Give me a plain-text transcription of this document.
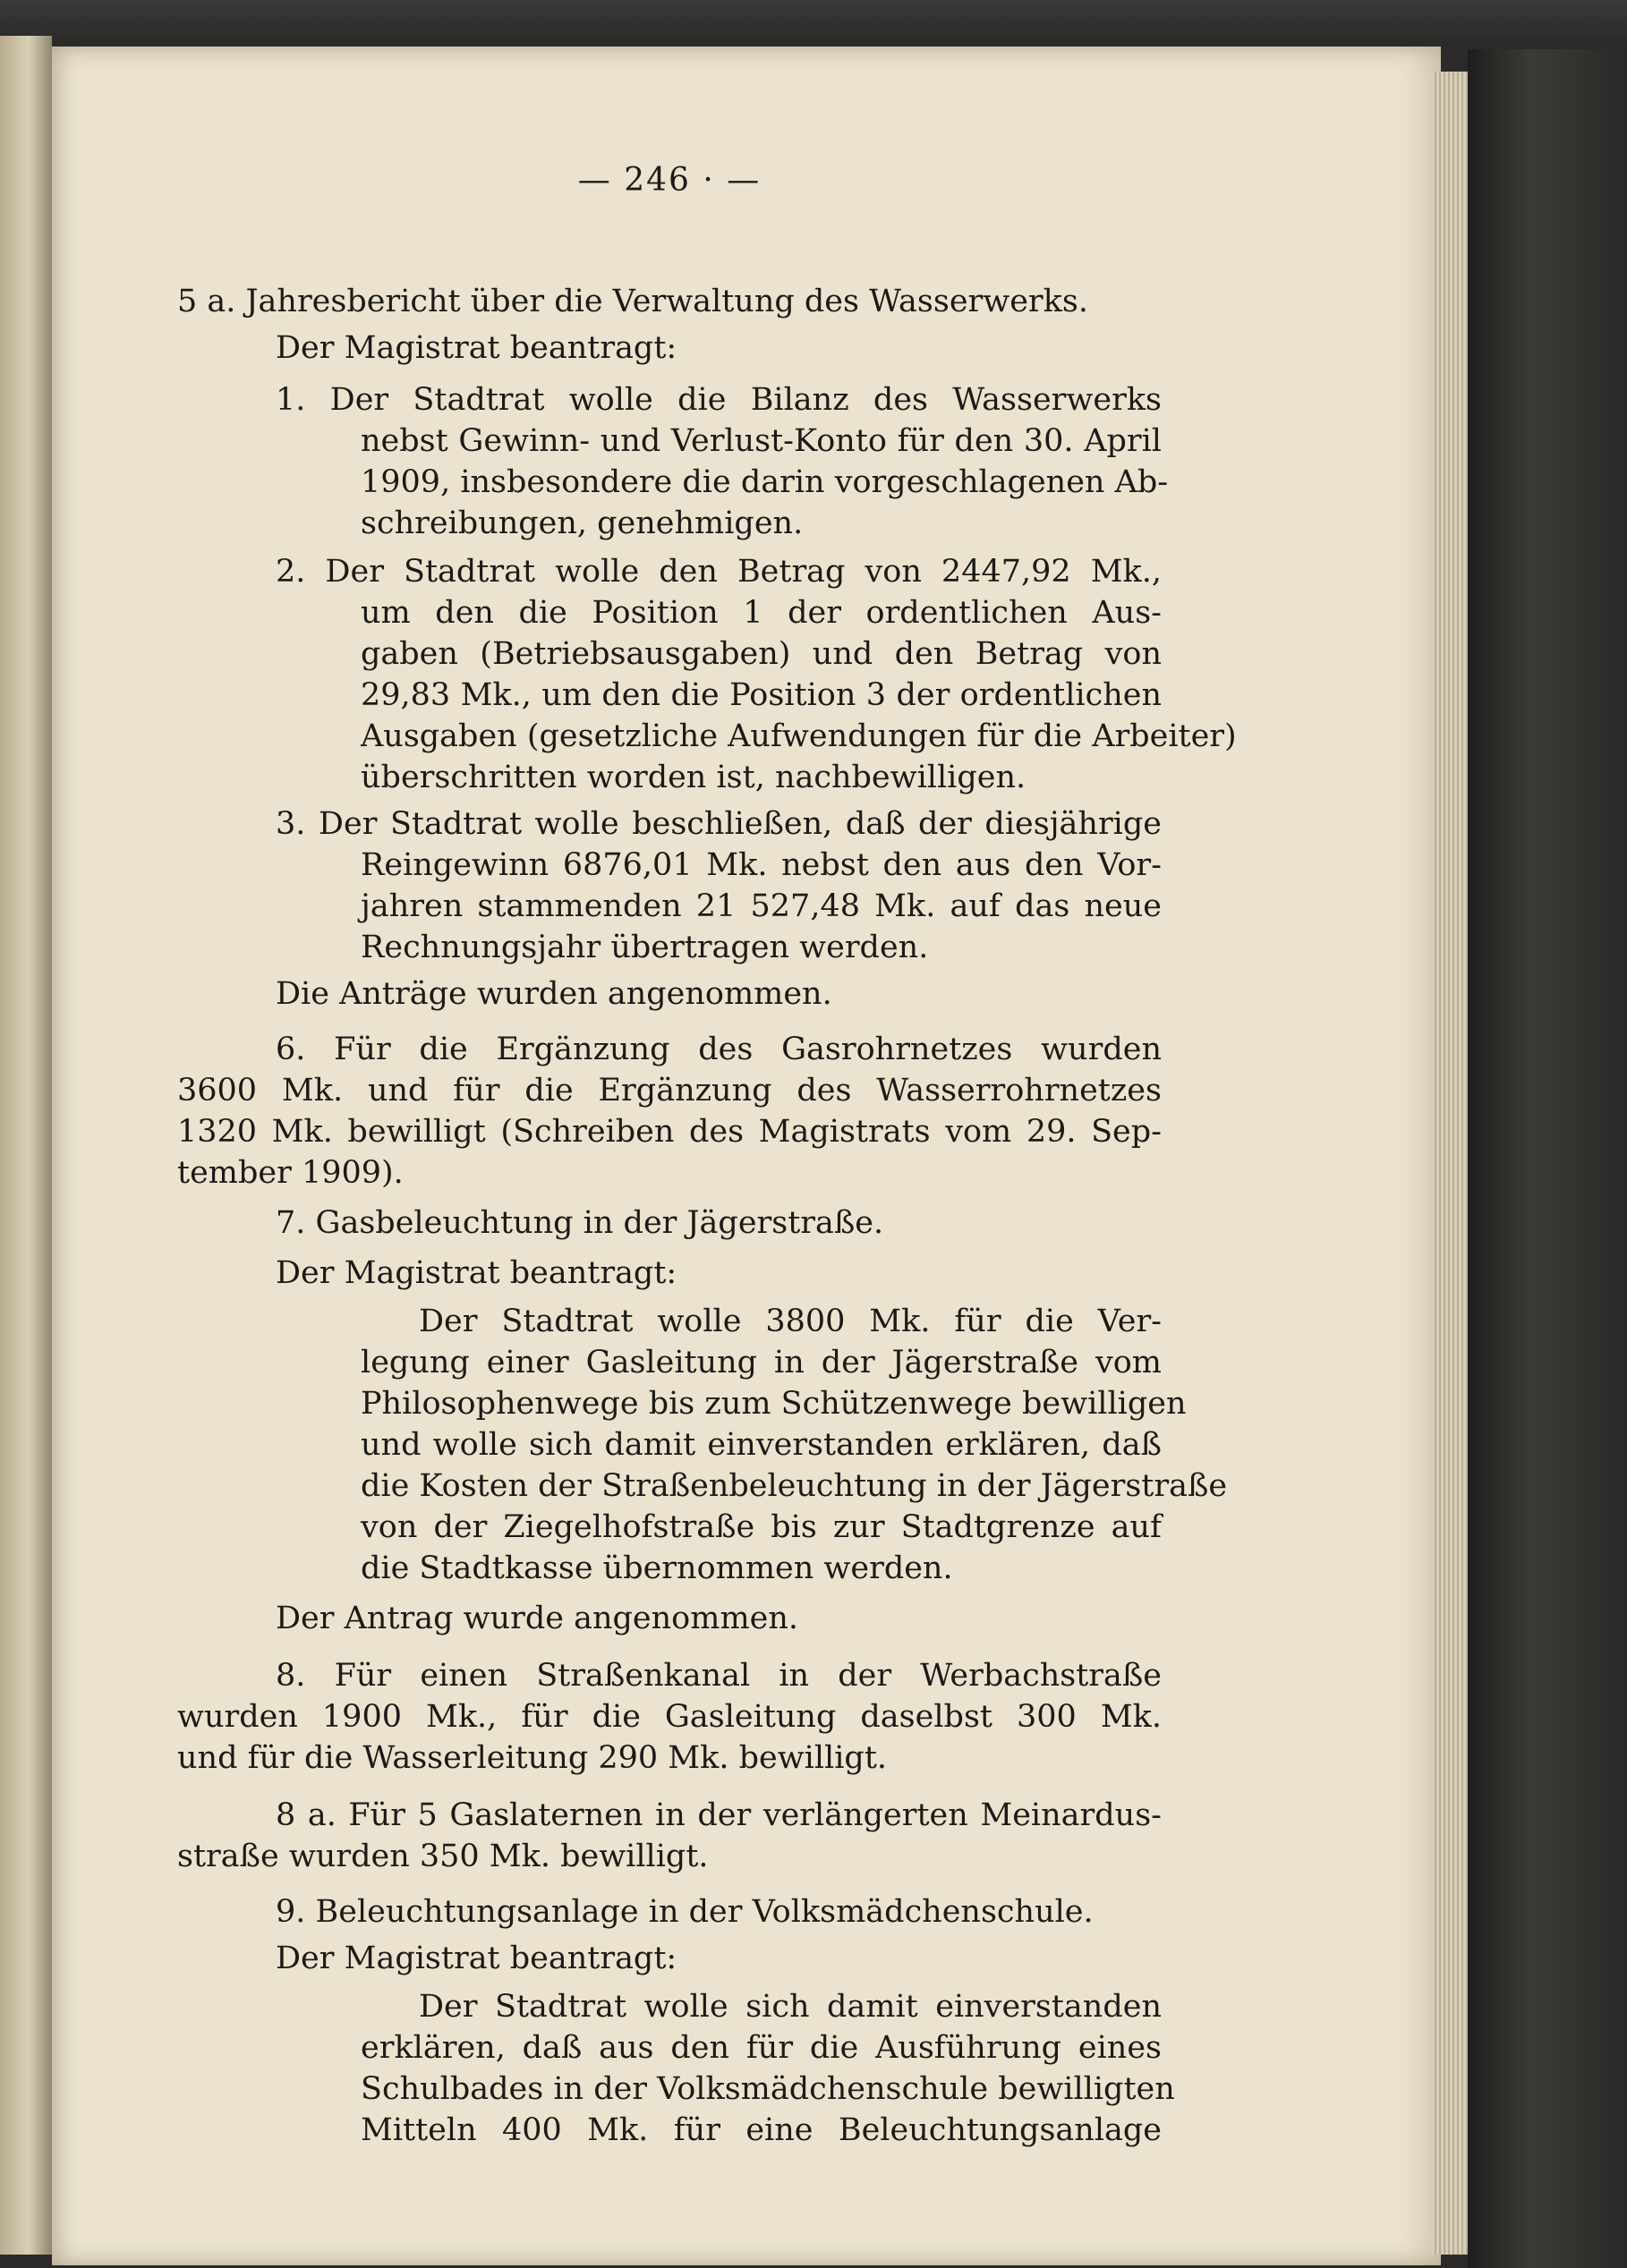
— 246 · —
5 a. Jahresbericht über die Verwaltung des Wasserwerks.
Der Magistrat beantragt:
1. Der Stadtrat wolle die Bilanz des Wasserwerks
nebst Gewinn- und Verlust-Konto für den 30. April
1909, insbesondere die darin vorgeschlagenen Ab-
schreibungen, genehmigen.
2. Der Stadtrat wolle den Betrag von 2447,92 Mk.,
um den die Position 1 der ordentlichen Aus-
gaben (Betriebsausgaben) und den Betrag von
29,83 Mk., um den die Position 3 der ordentlichen
Ausgaben (gesetzliche Aufwendungen für die Arbeiter)
überschritten worden ist, nachbewilligen.
3. Der Stadtrat wolle beschließen, daß der diesjährige
Reingewinn 6876,01 Mk. nebst den aus den Vor-
jahren stammenden 21 527,48 Mk. auf das neue
Rechnungsjahr übertragen werden.
Die Anträge wurden angenommen.
6. Für die Ergänzung des Gasrohrnetzes wurden
3600 Mk. und für die Ergänzung des Wasserrohrnetzes
1320 Mk. bewilligt (Schreiben des Magistrats vom 29. Sep-
tember 1909).
7. Gasbeleuchtung in der Jägerstraße.
Der Magistrat beantragt:
Der Stadtrat wolle 3800 Mk. für die Ver-
legung einer Gasleitung in der Jägerstraße vom
Philosophenwege bis zum Schützenwege bewilligen
und wolle sich damit einverstanden erklären, daß
die Kosten der Straßenbeleuchtung in der Jägerstraße
von der Ziegelhofstraße bis zur Stadtgrenze auf
die Stadtkasse übernommen werden.
Der Antrag wurde angenommen.
8. Für einen Straßenkanal in der Werbachstraße
wurden 1900 Mk., für die Gasleitung daselbst 300 Mk.
und für die Wasserleitung 290 Mk. bewilligt.
8 a. Für 5 Gaslaternen in der verlängerten Meinardus-
straße wurden 350 Mk. bewilligt.
9. Beleuchtungsanlage in der Volksmädchenschule.
Der Magistrat beantragt:
Der Stadtrat wolle sich damit einverstanden
erklären, daß aus den für die Ausführung eines
Schulbades in der Volksmädchenschule bewilligten
Mitteln 400 Mk. für eine Beleuchtungsanlage
